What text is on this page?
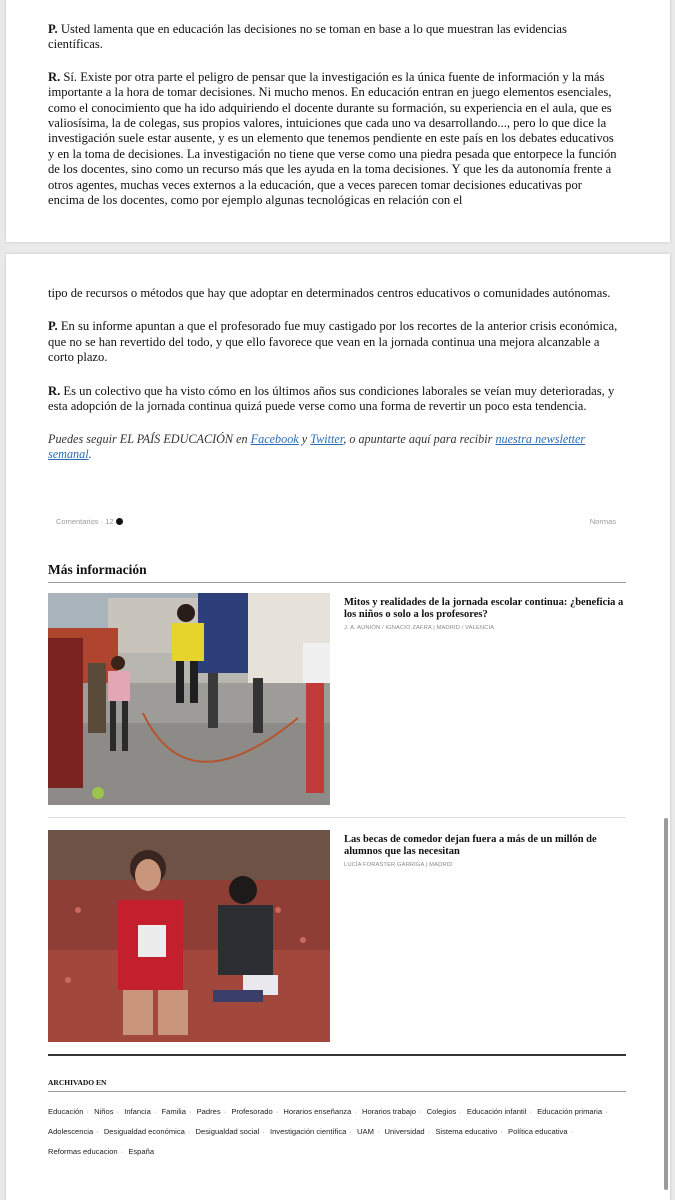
P. Usted lamenta que en educación las decisiones no se toman en base a lo que muestran las evidencias científicas.

R. Sí. Existe por otra parte el peligro de pensar que la investigación es la única fuente de información y la más importante a la hora de tomar decisiones. Ni mucho menos. En educación entran en juego elementos esenciales, como el conocimiento que ha ido adquiriendo el docente durante su formación, su experiencia en el aula, que es valiosísima, la de colegas, sus propios valores, intuiciones que cada uno va desarrollando..., pero lo que dice la investigación suele estar ausente, y es un elemento que tenemos pendiente en este país en los debates educativos y en la toma de decisiones. La investigación no tiene que verse como una piedra pesada que entorpece la función de los docentes, sino como un recurso más que les ayuda en la toma decisiones. Y que les da autonomía frente a otros agentes, muchas veces externos a la educación, que a veces parecen tomar decisiones educativas por encima de los docentes, como por ejemplo algunas tecnológicas en relación con el

tipo de recursos o métodos que hay que adoptar en determinados centros educativos o comunidades autónomas.

P. En su informe apuntan a que el profesorado fue muy castigado por los recortes de la anterior crisis económica, que no se han revertido del todo, y que ello favorece que vean en la jornada continua una mejora alcanzable a corto plazo.

R. Es un colectivo que ha visto cómo en los últimos años sus condiciones laborales se veían muy deterioradas, y esta adopción de la jornada continua quizá puede verse como una forma de revertir un poco esta tendencia.

Puedes seguir EL PAÍS EDUCACIÓN en Facebook y Twitter, o apuntarte aquí para recibir nuestra newsletter semanal.

Comentarios · 12	Normas
Más información
Mitos y realidades de la jornada escolar continua: ¿beneficia a los niños o solo a los profesores?
J. A. AUNIÓN / IGNACIO ZAFRA | MADRID / VALENCIA
Las becas de comedor dejan fuera a más de un millón de alumnos que las necesitan
LUCÍA FORASTER GARRIGA | MADRID
ARCHIVADO EN
Educación · Niños · Infancia · Familia · Padres · Profesorado · Horarios enseñanza · Horarios trabajo · Colegios · Educación infantil · Educación primaria · Adolescencia · Desigualdad económica · Desigualdad social · Investigación científica · UAM · Universidad · Sistema educativo · Política educativa · Reformas educacion · España
